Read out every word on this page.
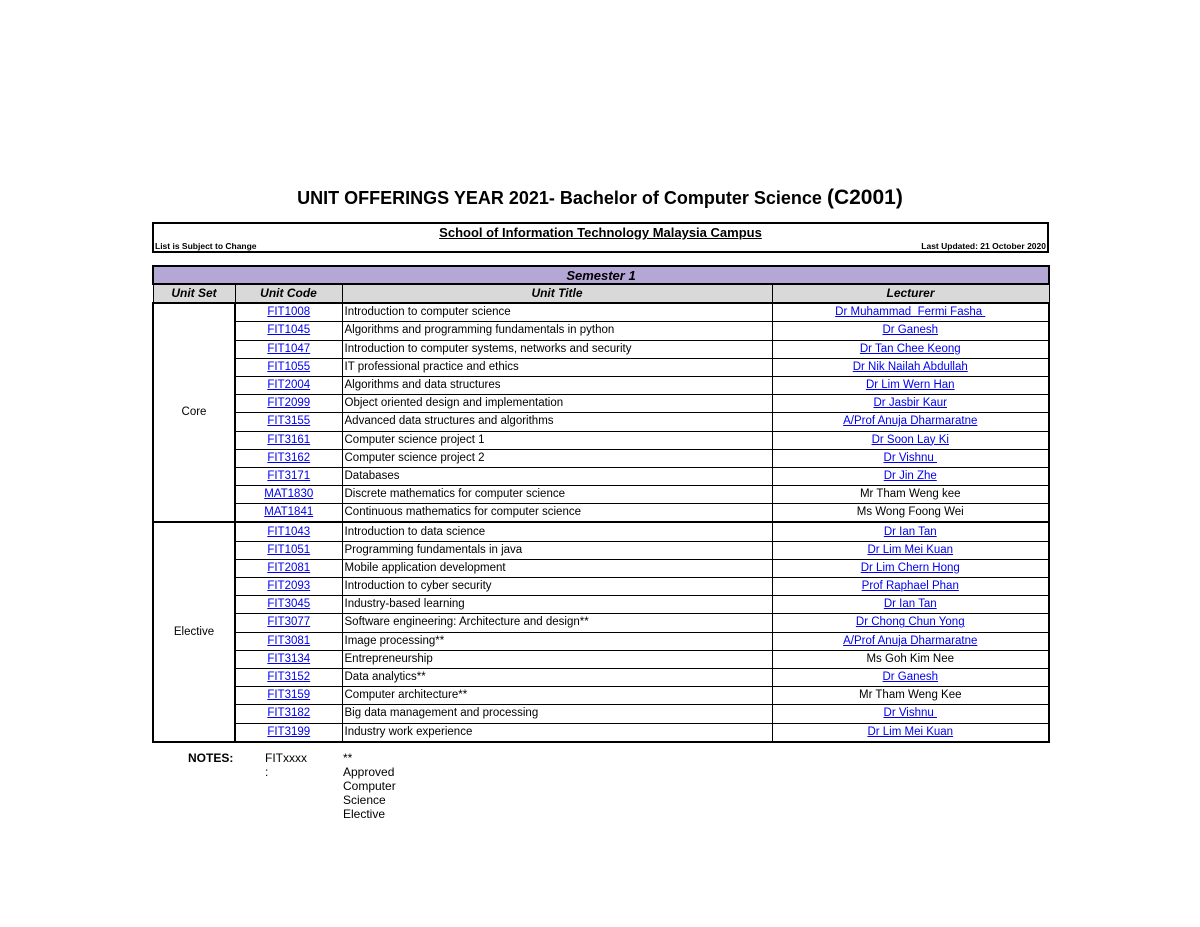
UNIT OFFERINGS YEAR 2021- Bachelor of Computer Science (C2001)
School of Information Technology Malaysia Campus
List is Subject to Change	Last Updated: 21 October 2020
Semester 1			
Unit Set	Unit Code	Unit Title	Lecturer
Core	FIT1008	Introduction to computer science	Dr Muhammad  Fermi Fasha
	FIT1045	Algorithms and programming fundamentals in python	Dr Ganesh
	FIT1047	Introduction to computer systems, networks and security	Dr Tan Chee Keong
	FIT1055	IT professional practice and ethics	Dr Nik Nailah Abdullah
	FIT2004	Algorithms and data structures	Dr Lim Wern Han
	FIT2099	Object oriented design and implementation	Dr Jasbir Kaur
	FIT3155	Advanced data structures and algorithms	A/Prof Anuja Dharmaratne
	FIT3161	Computer science project 1	Dr Soon Lay Ki
	FIT3162	Computer science project 2	Dr Vishnu
	FIT3171	Databases	Dr Jin Zhe
	MAT1830	Discrete mathematics for computer science	Mr Tham Weng kee
	MAT1841	Continuous mathematics for computer science	Ms Wong Foong Wei
Elective	FIT1043	Introduction to data science	Dr Ian Tan
	FIT1051	Programming fundamentals in java	Dr Lim Mei Kuan
	FIT2081	Mobile application development	Dr Lim Chern Hong
	FIT2093	Introduction to cyber security	Prof Raphael Phan
	FIT3045	Industry-based learning	Dr Ian Tan
	FIT3077	Software engineering: Architecture and design**	Dr Chong Chun Yong
	FIT3081	Image processing**	A/Prof Anuja Dharmaratne
	FIT3134	Entrepreneurship	Ms Goh Kim Nee
	FIT3152	Data analytics**	Dr Ganesh
	FIT3159	Computer architecture**	Mr Tham Weng Kee
	FIT3182	Big data management and processing	Dr Vishnu
	FIT3199	Industry work experience	Dr Lim Mei Kuan
NOTES:	FITxxxx :
** Approved Computer Science Elective
